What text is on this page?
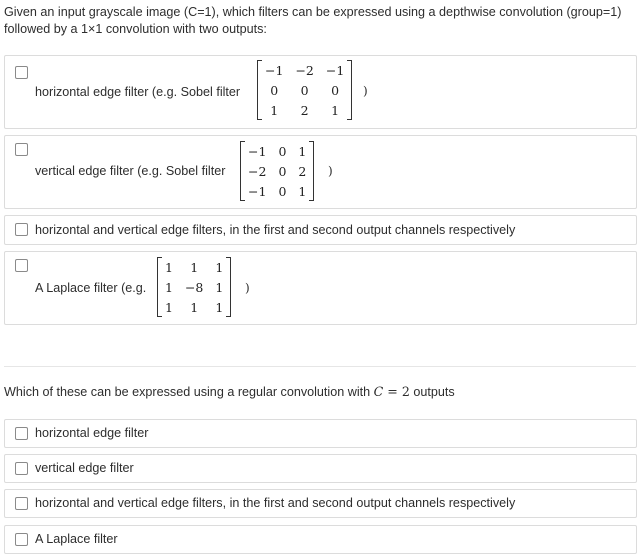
Given an input grayscale image (C=1), which filters can be expressed using a depthwise convolution (group=1) followed by a 1×1 convolution with two outputs:
horizontal edge filter (e.g. Sobel filter
−1	−2	−1
0	0	0
1	2	1
)
vertical edge filter (e.g. Sobel filter
−1	0	1
−2	0	2
−1	0	1
)
horizontal and vertical edge filters, in the first and second output channels respectively
A Laplace filter (e.g.
1	1	1
1	−8	1
1	1	1
)
Which of these can be expressed using a regular convolution with C = 2 outputs
horizontal edge filter
vertical edge filter
horizontal and vertical edge filters, in the first and second output channels respectively
A Laplace filter
